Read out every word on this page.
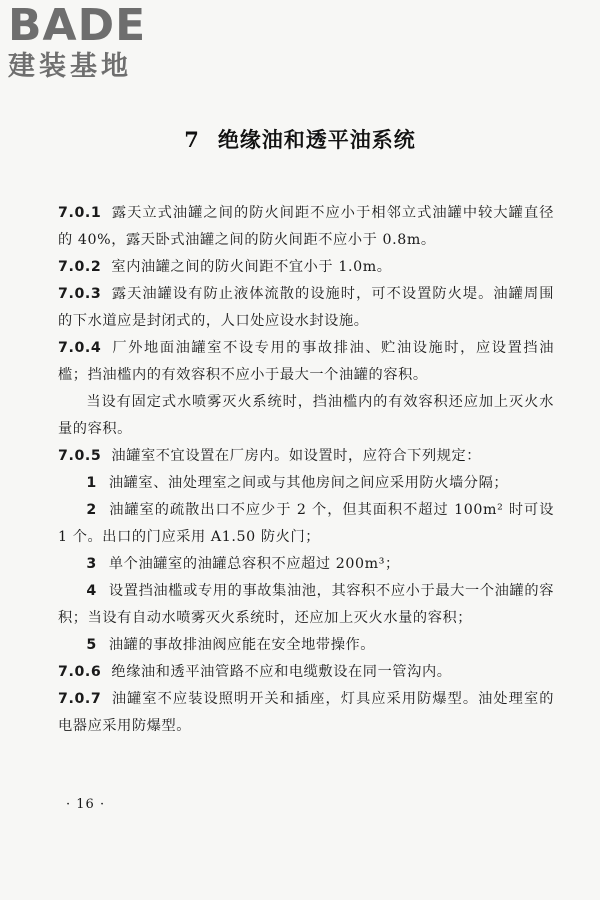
BADE
建装基地
7 绝缘油和透平油系统

7.0.1 露天立式油罐之间的防火间距不应小于相邻立式油罐中较大罐直径的 40%，露天卧式油罐之间的防火间距不应小于 0.8m。

7.0.2 室内油罐之间的防火间距不宜小于 1.0m。

7.0.3 露天油罐设有防止液体流散的设施时，可不设置防火堤。油罐周围的下水道应是封闭式的，人口处应设水封设施。

7.0.4 厂外地面油罐室不设专用的事故排油、贮油设施时，应设置挡油槛；挡油槛内的有效容积不应小于最大一个油罐的容积。

当设有固定式水喷雾灭火系统时，挡油槛内的有效容积还应加上灭火水量的容积。

7.0.5 油罐室不宜设置在厂房内。如设置时，应符合下列规定：

1 油罐室、油处理室之间或与其他房间之间应采用防火墙分隔；

2 油罐室的疏散出口不应少于 2 个，但其面积不超过 100m² 时可设 1 个。出口的门应采用 A1.50 防火门；

3 单个油罐室的油罐总容积不应超过 200m³；

4 设置挡油槛或专用的事故集油池，其容积不应小于最大一个油罐的容积；当设有自动水喷雾灭火系统时，还应加上灭火水量的容积；

5 油罐的事故排油阀应能在安全地带操作。

7.0.6 绝缘油和透平油管路不应和电缆敷设在同一管沟内。

7.0.7 油罐室不应装设照明开关和插座，灯具应采用防爆型。油处理室的电器应采用防爆型。

· 16 ·
